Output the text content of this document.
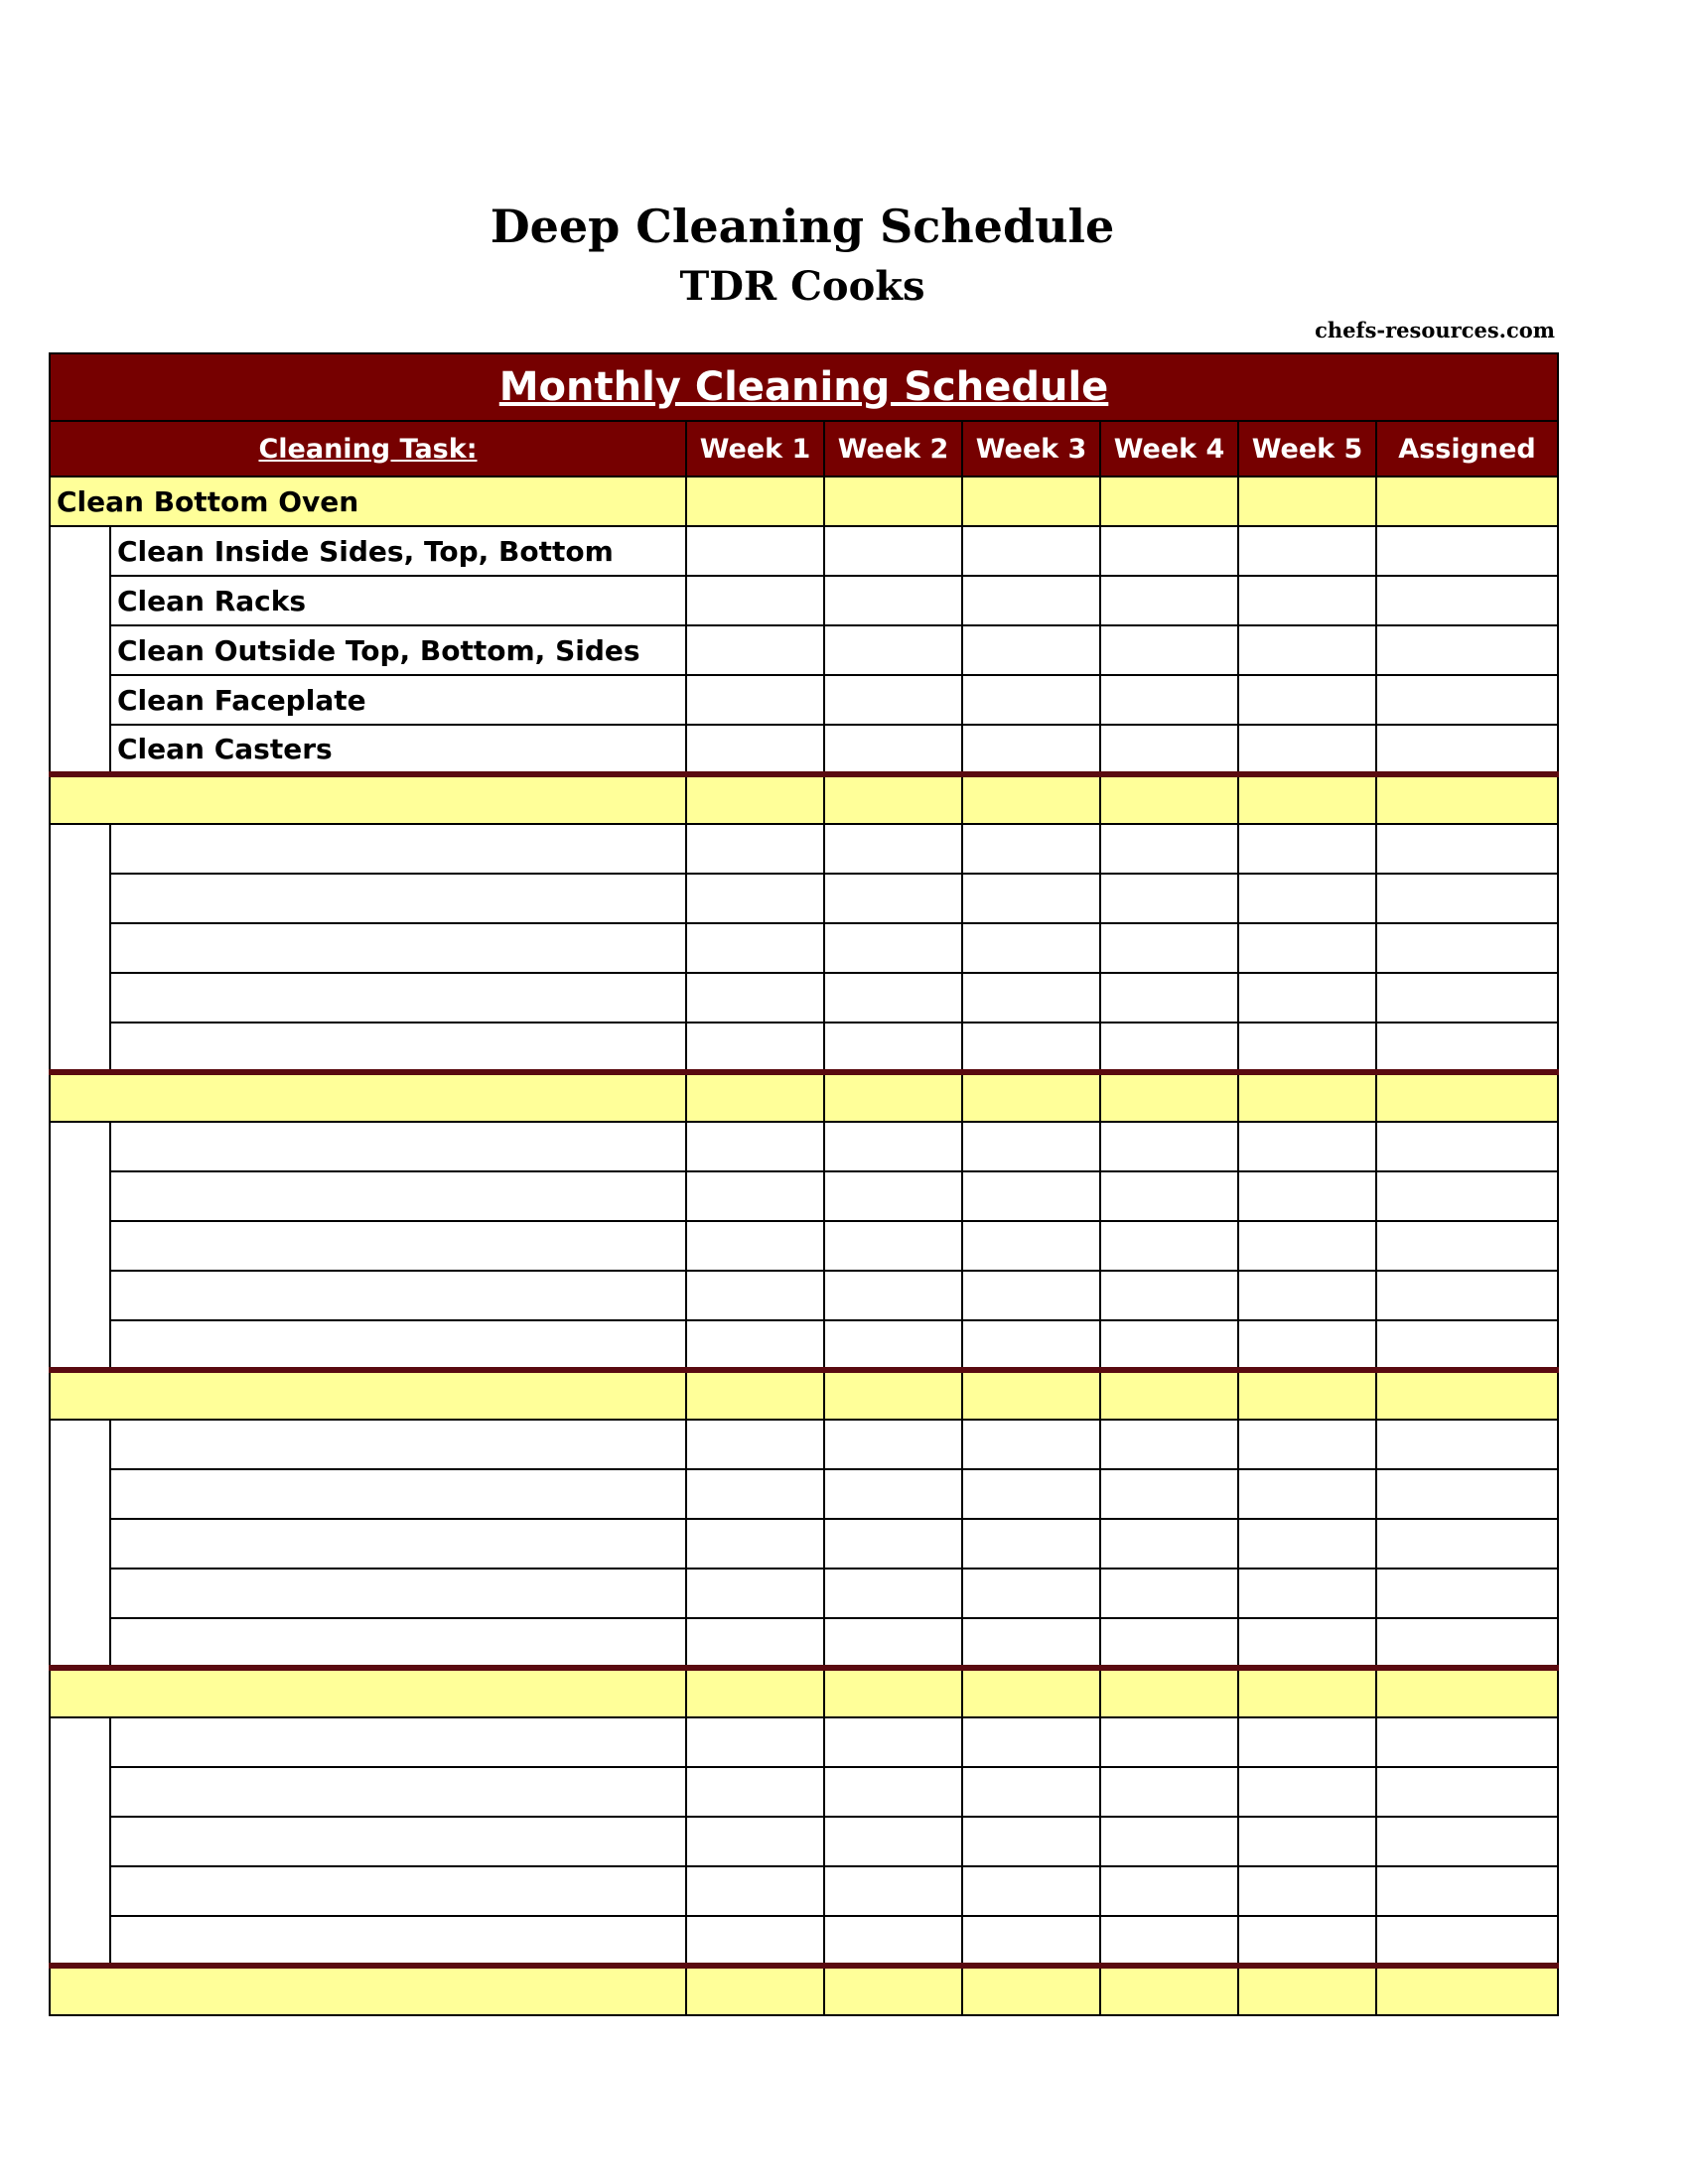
Deep Cleaning Schedule
TDR Cooks
chefs-resources.com
Monthly Cleaning Schedule							
Cleaning Task:		Week 1	Week 2	Week 3	Week 4	Week 5	Assigned
Clean Bottom Oven							
	Clean Inside Sides, Top, Bottom						
	Clean Racks						
	Clean Outside Top, Bottom, Sides						
	Clean Faceplate						
	Clean Casters						
